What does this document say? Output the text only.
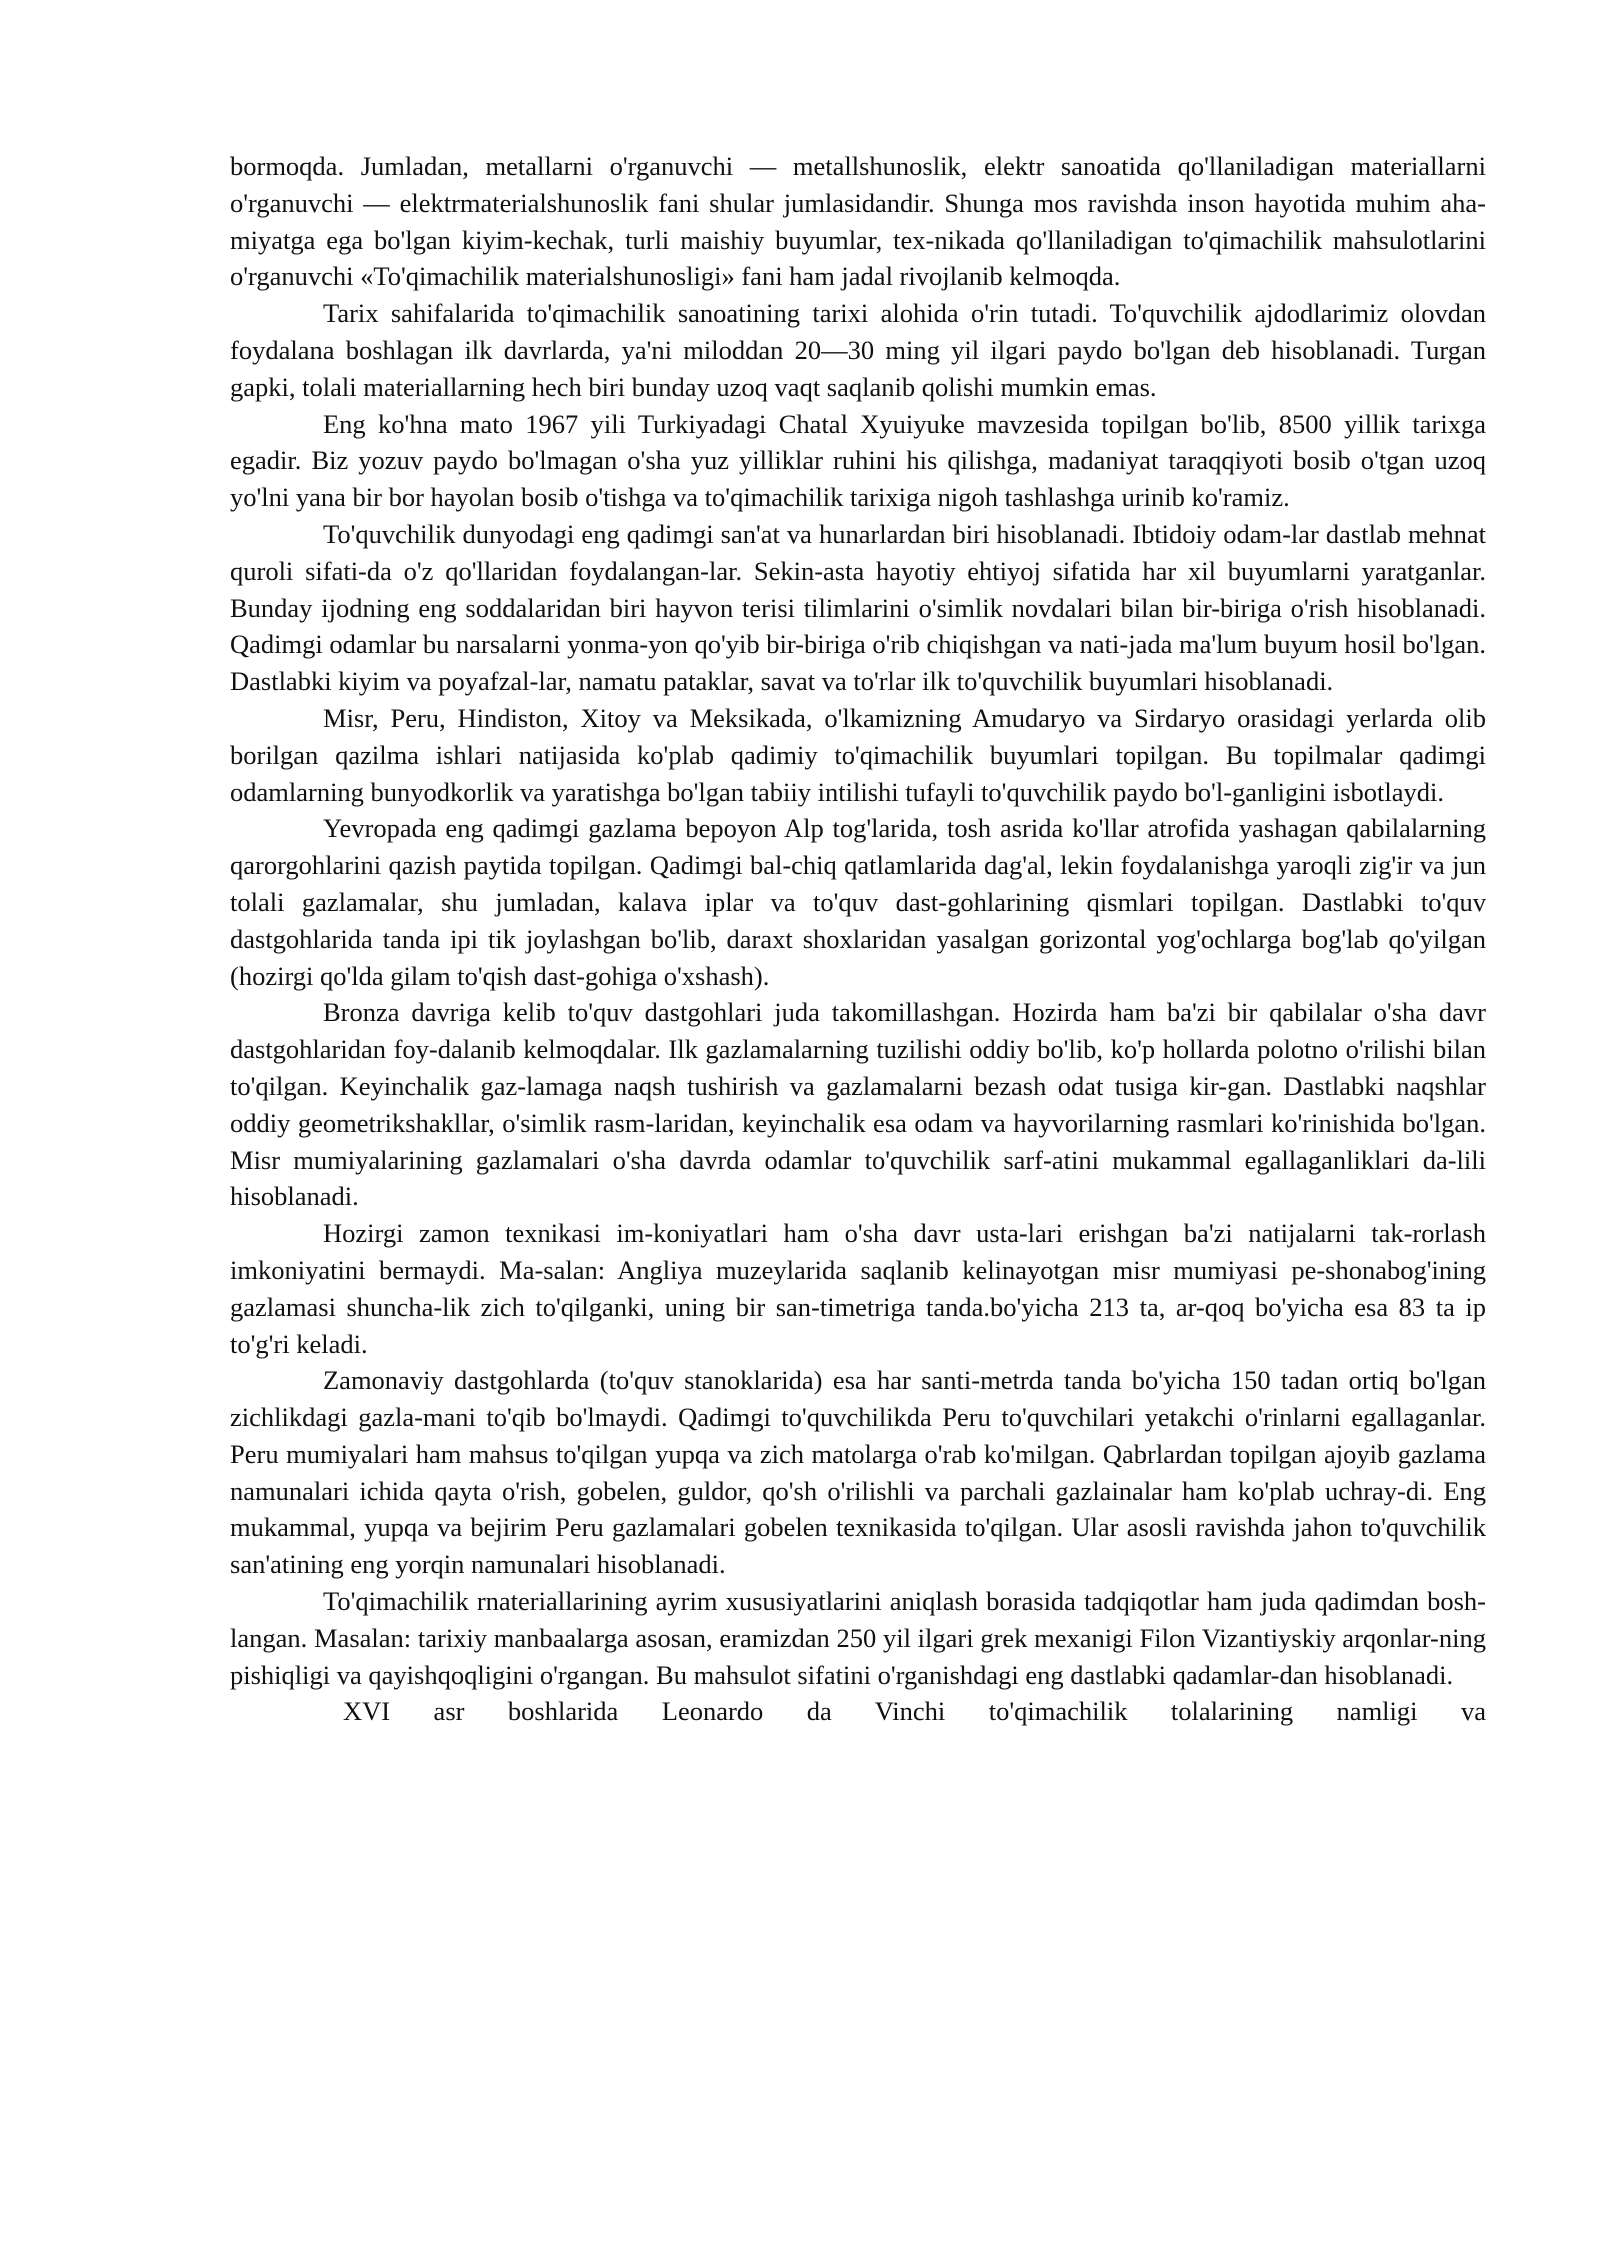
bormoqda. Jumladan, metallarni o'rganuvchi — metallshunoslik, elektr sanoatida qo'llaniladigan materiallarni o'rganuvchi — elektrmaterialshunoslik fani shular jumlasidandir. Shunga mos ravishda inson hayotida muhim aha-miyatga ega bo'lgan kiyim-kechak, turli maishiy buyumlar, tex-nikada qo'llaniladigan to'qimachilik mahsulotlarini o'rganuvchi «To'qimachilik materialshunosligi» fani ham jadal rivojlanib kelmoqda.

Tarix sahifalarida to'qimachilik sanoatining tarixi alohida o'rin tutadi. To'quvchilik ajdodlarimiz olovdan foydalana boshlagan ilk davrlarda, ya'ni miloddan 20—30 ming yil ilgari paydo bo'lgan deb hisoblanadi. Turgan gapki, tolali materiallarning hech biri bunday uzoq vaqt saqlanib qolishi mumkin emas.

Eng ko'hna mato 1967 yili Turkiyadagi Chatal Xyuiyuke mavzesida topilgan bo'lib, 8500 yillik tarixga egadir. Biz yozuv paydo bo'lmagan o'sha yuz yilliklar ruhini his qilishga, madaniyat taraqqiyoti bosib o'tgan uzoq yo'lni yana bir bor hayolan bosib o'tishga va to'qimachilik tarixiga nigoh tashlashga urinib ko'ramiz.

To'quvchilik dunyodagi eng qadimgi san'at va hunarlardan biri hisoblanadi. Ibtidoiy odam-lar dastlab mehnat quroli sifati-da o'z qo'llaridan foydalangan-lar. Sekin-asta hayotiy ehtiyoj sifatida har xil buyumlarni yaratganlar. Bunday ijodning eng soddalaridan biri hayvon terisi tilimlarini o'simlik novdalari bilan bir-biriga o'rish hisoblanadi. Qadimgi odamlar bu narsalarni yonma-yon qo'yib bir-biriga o'rib chiqishgan va nati-jada ma'lum buyum hosil bo'lgan. Dastlabki kiyim va poyafzal-lar, namatu pataklar, savat va to'rlar ilk to'quvchilik buyumlari hisoblanadi.

Misr, Peru, Hindiston, Xitoy va Meksikada, o'lkamizning Amudaryo va Sirdaryo orasidagi yerlarda olib borilgan qazilma ishlari natijasida ko'plab qadimiy to'qimachilik buyumlari topilgan. Bu topilmalar qadimgi odamlarning bunyodkorlik va yaratishga bo'lgan tabiiy intilishi tufayli to'quvchilik paydo bo'l-ganligini isbotlaydi.

Yevropada eng qadimgi gazlama bepoyon Alp tog'larida, tosh asrida ko'llar atrofida yashagan qabilalarning qarorgohlarini qazish paytida topilgan. Qadimgi bal-chiq qatlamlarida dag'al, lekin foydalanishga yaroqli zig'ir va jun tolali gazlamalar, shu jumladan, kalava iplar va to'quv dast-gohlarining qismlari topilgan. Dastlabki to'quv dastgohlarida tanda ipi tik joylashgan bo'lib, daraxt shoxlaridan yasalgan gorizontal yog'ochlarga bog'lab qo'yilgan (hozirgi qo'lda gilam to'qish dast-gohiga o'xshash).

Bronza davriga kelib to'quv dastgohlari juda takomillashgan. Hozirda ham ba'zi bir qabilalar o'sha davr dastgohlaridan foy-dalanib kelmoqdalar. Ilk gazlamalarning tuzilishi oddiy bo'lib, ko'p hollarda polotno o'rilishi bilan to'qilgan. Keyinchalik gaz-lamaga naqsh tushirish va gazlamalarni bezash odat tusiga kir-gan. Dastlabki naqshlar oddiy geometrikshakllar, o'simlik rasm-laridan, keyinchalik esa odam va hayvorilarning rasmlari ko'rinishida bo'lgan. Misr mumiyalarining gazlamalari o'sha davrda odamlar to'quvchilik sarf-atini mukammal egallaganliklari da-lili hisoblanadi.

Hozirgi zamon texnikasi im-koniyatlari ham o'sha davr usta-lari erishgan ba'zi natijalarni tak-rorlash imkoniyatini bermaydi. Ma-salan: Angliya muzeylarida saqlanib kelinayotgan misr mumiyasi pe-shonabog'ining gazlamasi shuncha-lik zich to'qilganki, uning bir san-timetriga tanda.bo'yicha 213 ta, ar-qoq bo'yicha esa 83 ta ip to'g'ri keladi.

Zamonaviy dastgohlarda (to'quv stanoklarida) esa har santi-metrda tanda bo'yicha 150 tadan ortiq bo'lgan zichlikdagi gazla-mani to'qib bo'lmaydi. Qadimgi to'quvchilikda Peru to'quvchilari yetakchi o'rinlarni egallaganlar. Peru mumiyalari ham mahsus to'qilgan yupqa va zich matolarga o'rab ko'milgan. Qabrlardan topilgan ajoyib gazlama namunalari ichida qayta o'rish, gobelen, guldor, qo'sh o'rilishli va parchali gazlainalar ham ko'plab uchray-di. Eng mukammal, yupqa va bejirim Peru gazlamalari gobelen texnikasida to'qilgan. Ular asosli ravishda jahon to'quvchilik san'atining eng yorqin namunalari hisoblanadi.

To'qimachilik rnateriallarining ayrim xususiyatlarini aniqlash borasida tadqiqotlar ham juda qadimdan bosh-langan. Masalan: tarixiy manbaalarga asosan, eramizdan 250 yil ilgari grek mexanigi Filon Vizantiyskiy arqonlar-ning pishiqligi va qayishqoqligini o'rgangan. Bu mahsulot sifatini o'rganishdagi eng dastlabki qadamlar-dan hisoblanadi.

XVI asr boshlarida Leonardo da Vinchi to'qimachilik tolalarining namligi va
